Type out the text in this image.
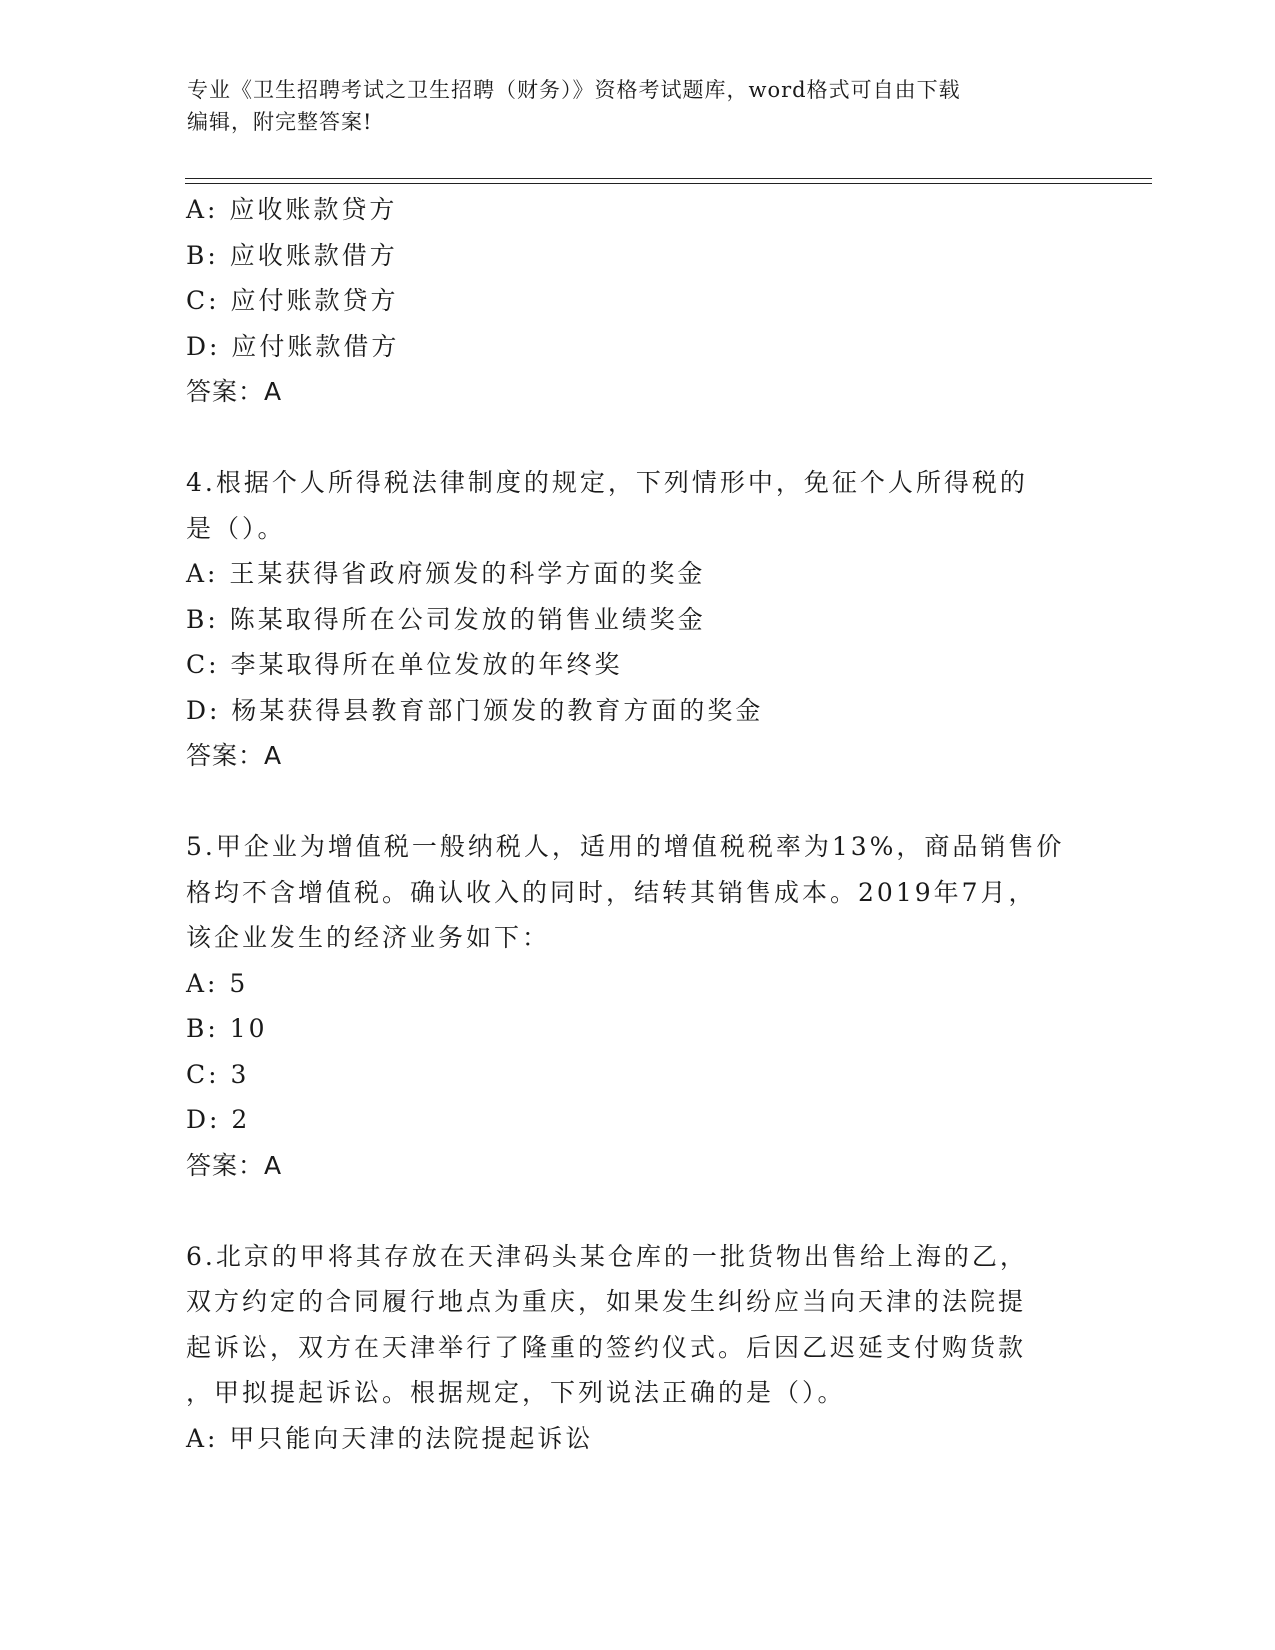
专业《卫生招聘考试之卫生招聘（财务）》资格考试题库，word格式可自由下载
编辑，附完整答案!
A: 应收账款贷方
B: 应收账款借方
C: 应付账款贷方
D: 应付账款借方
答案：A
4.根据个人所得税法律制度的规定，下列情形中，免征个人所得税的
是（）。
A: 王某获得省政府颁发的科学方面的奖金
B: 陈某取得所在公司发放的销售业绩奖金
C: 李某取得所在单位发放的年终奖
D: 杨某获得县教育部门颁发的教育方面的奖金
答案：A
5.甲企业为增值税一般纳税人，适用的增值税税率为13%，商品销售价
格均不含增值税。确认收入的同时，结转其销售成本。2019年7月，
该企业发生的经济业务如下：
A: 5
B: 10
C: 3
D: 2
答案：A
6.北京的甲将其存放在天津码头某仓库的一批货物出售给上海的乙，
双方约定的合同履行地点为重庆，如果发生纠纷应当向天津的法院提
起诉讼，双方在天津举行了隆重的签约仪式。后因乙迟延支付购货款
，甲拟提起诉讼。根据规定，下列说法正确的是（）。
A: 甲只能向天津的法院提起诉讼
